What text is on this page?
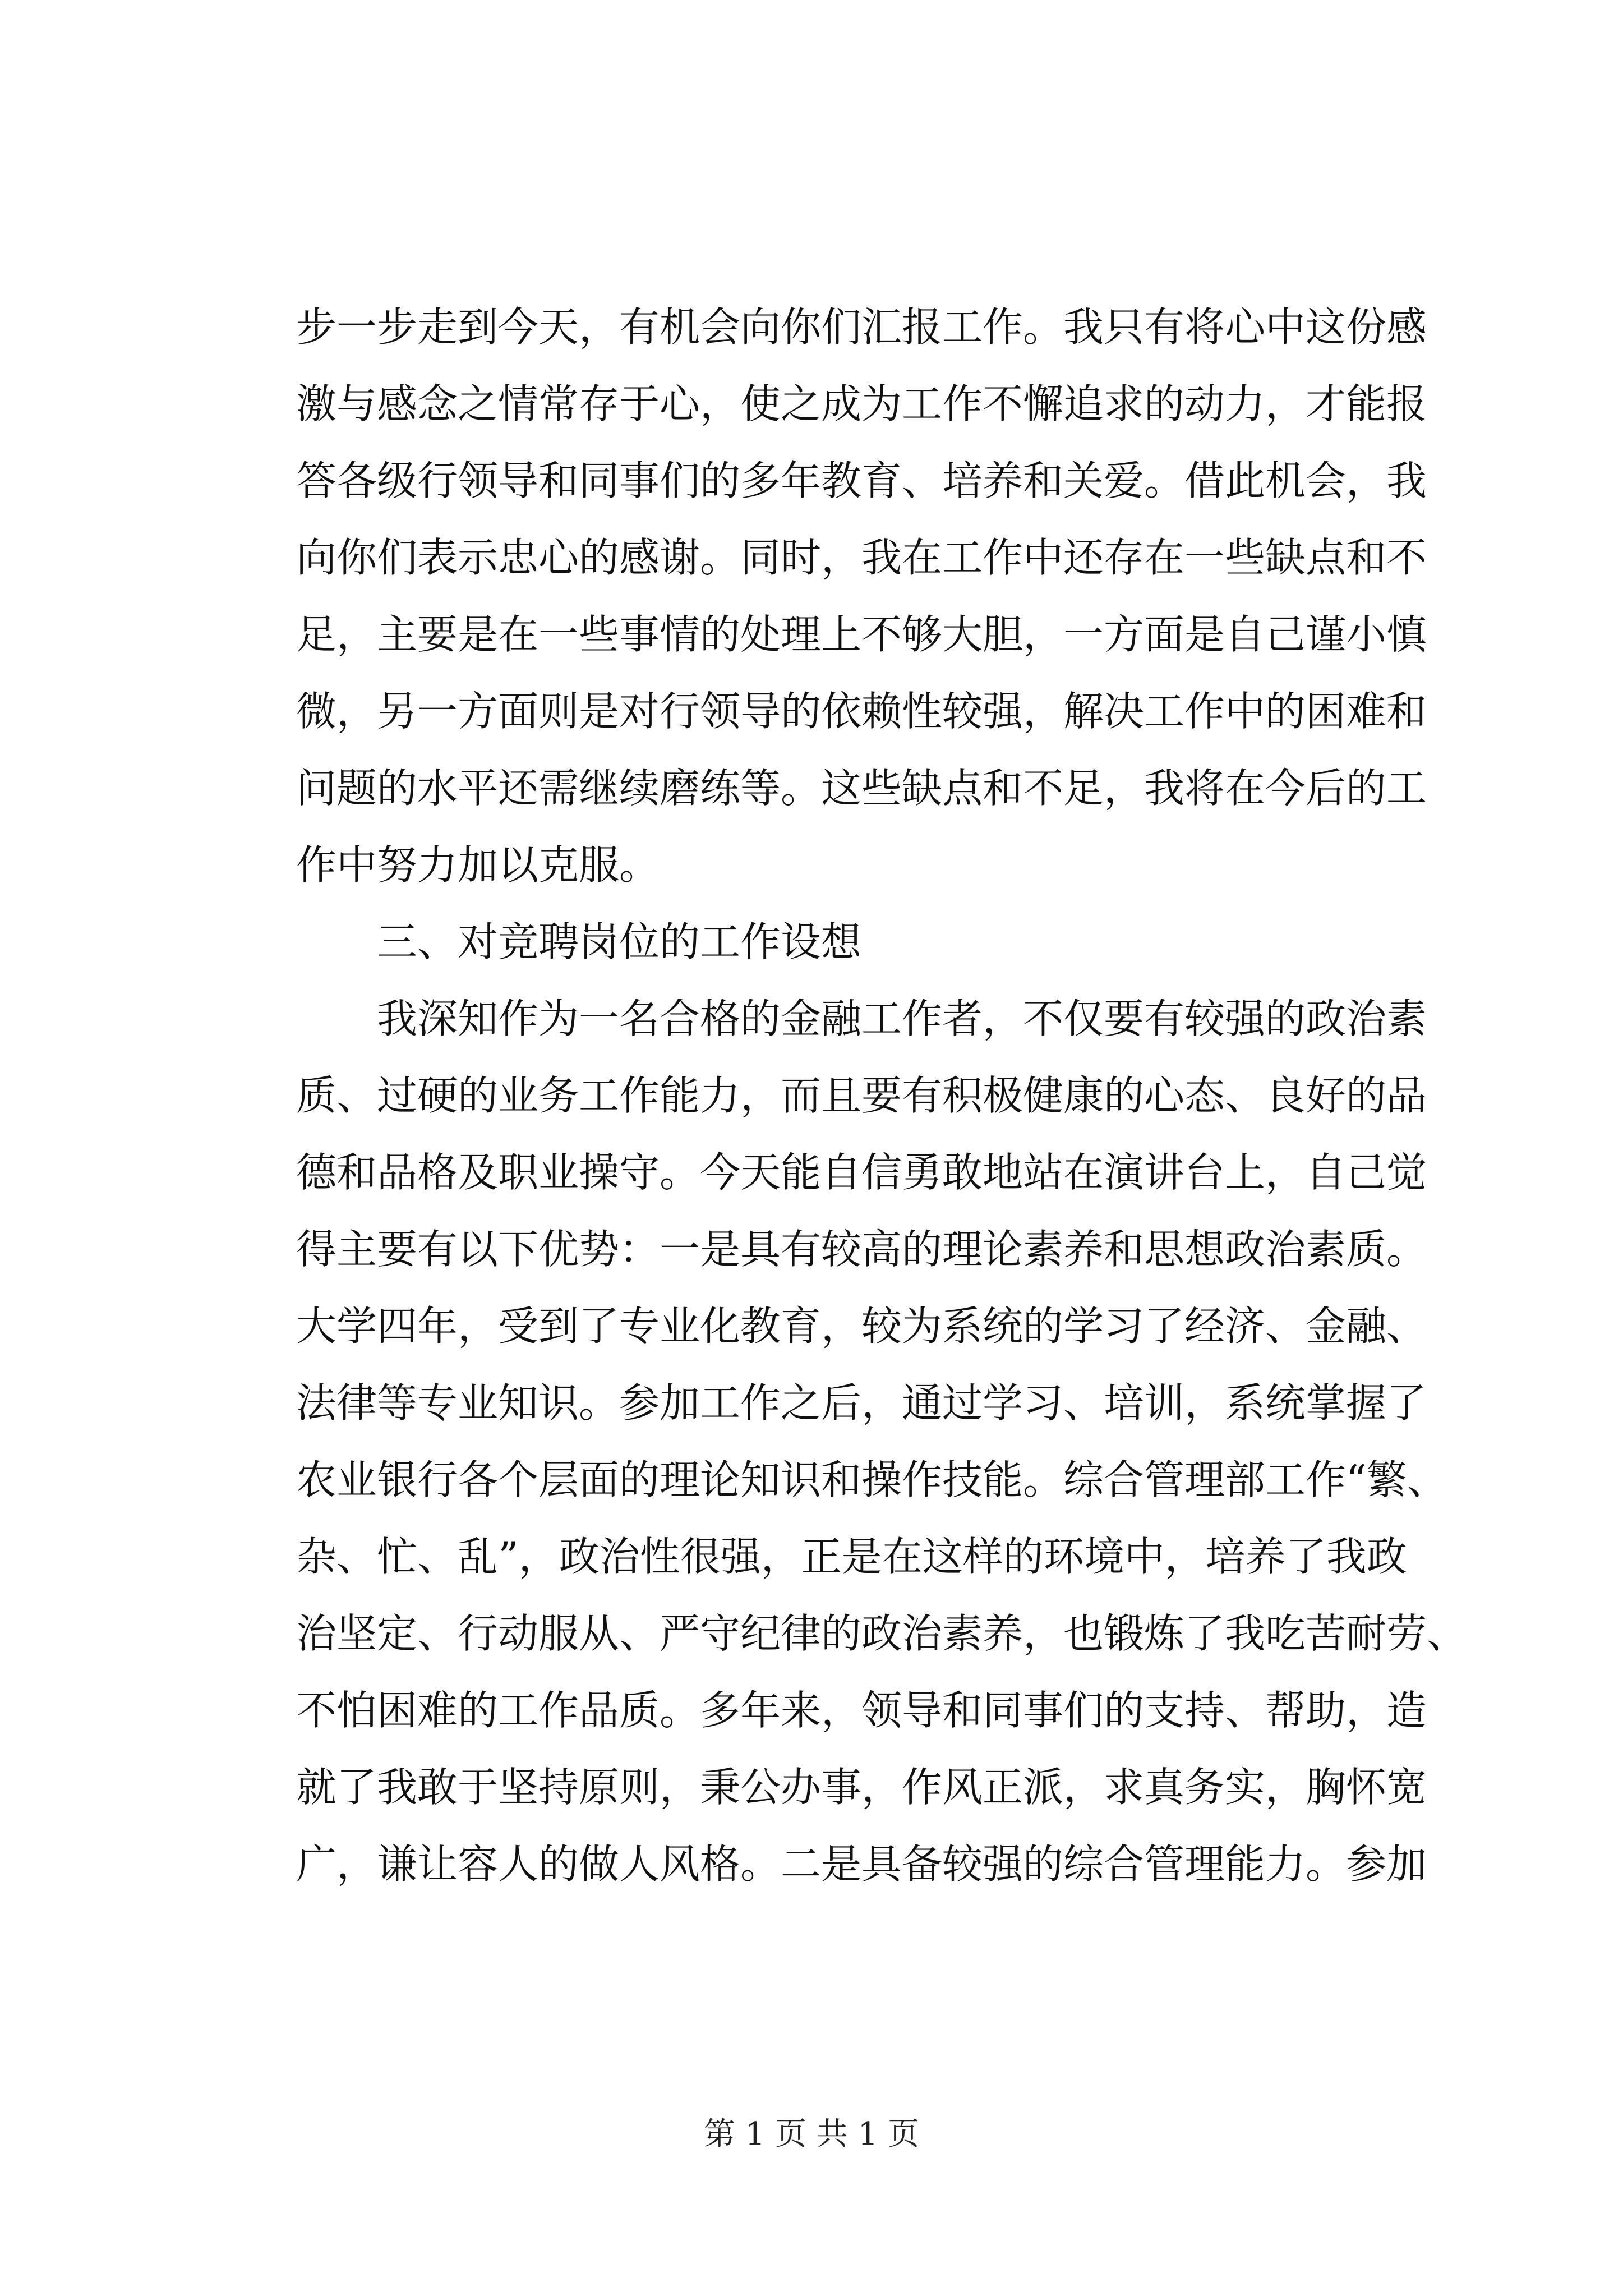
步一步走到今天，有机会向你们汇报工作。我只有将心中这份感
激与感念之情常存于心，使之成为工作不懈追求的动力，才能报
答各级行领导和同事们的多年教育、培养和关爱。借此机会，我
向你们表示忠心的感谢。同时，我在工作中还存在一些缺点和不
足，主要是在一些事情的处理上不够大胆，一方面是自己谨小慎
微，另一方面则是对行领导的依赖性较强，解决工作中的困难和
问题的水平还需继续磨练等。这些缺点和不足，我将在今后的工
作中努力加以克服。
三、对竞聘岗位的工作设想
我深知作为一名合格的金融工作者，不仅要有较强的政治素
质、过硬的业务工作能力，而且要有积极健康的心态、良好的品
德和品格及职业操守。今天能自信勇敢地站在演讲台上，自己觉
得主要有以下优势：一是具有较高的理论素养和思想政治素质。
大学四年，受到了专业化教育，较为系统的学习了经济、金融、
法律等专业知识。参加工作之后，通过学习、培训，系统掌握了
农业银行各个层面的理论知识和操作技能。综合管理部工作“繁、
杂、忙、乱”，政治性很强，正是在这样的环境中，培养了我政
治坚定、行动服从、严守纪律的政治素养，也锻炼了我吃苦耐劳、
不怕困难的工作品质。多年来，领导和同事们的支持、帮助，造
就了我敢于坚持原则，秉公办事，作风正派，求真务实，胸怀宽
广，谦让容人的做人风格。二是具备较强的综合管理能力。参加
第 1 页 共 1 页
